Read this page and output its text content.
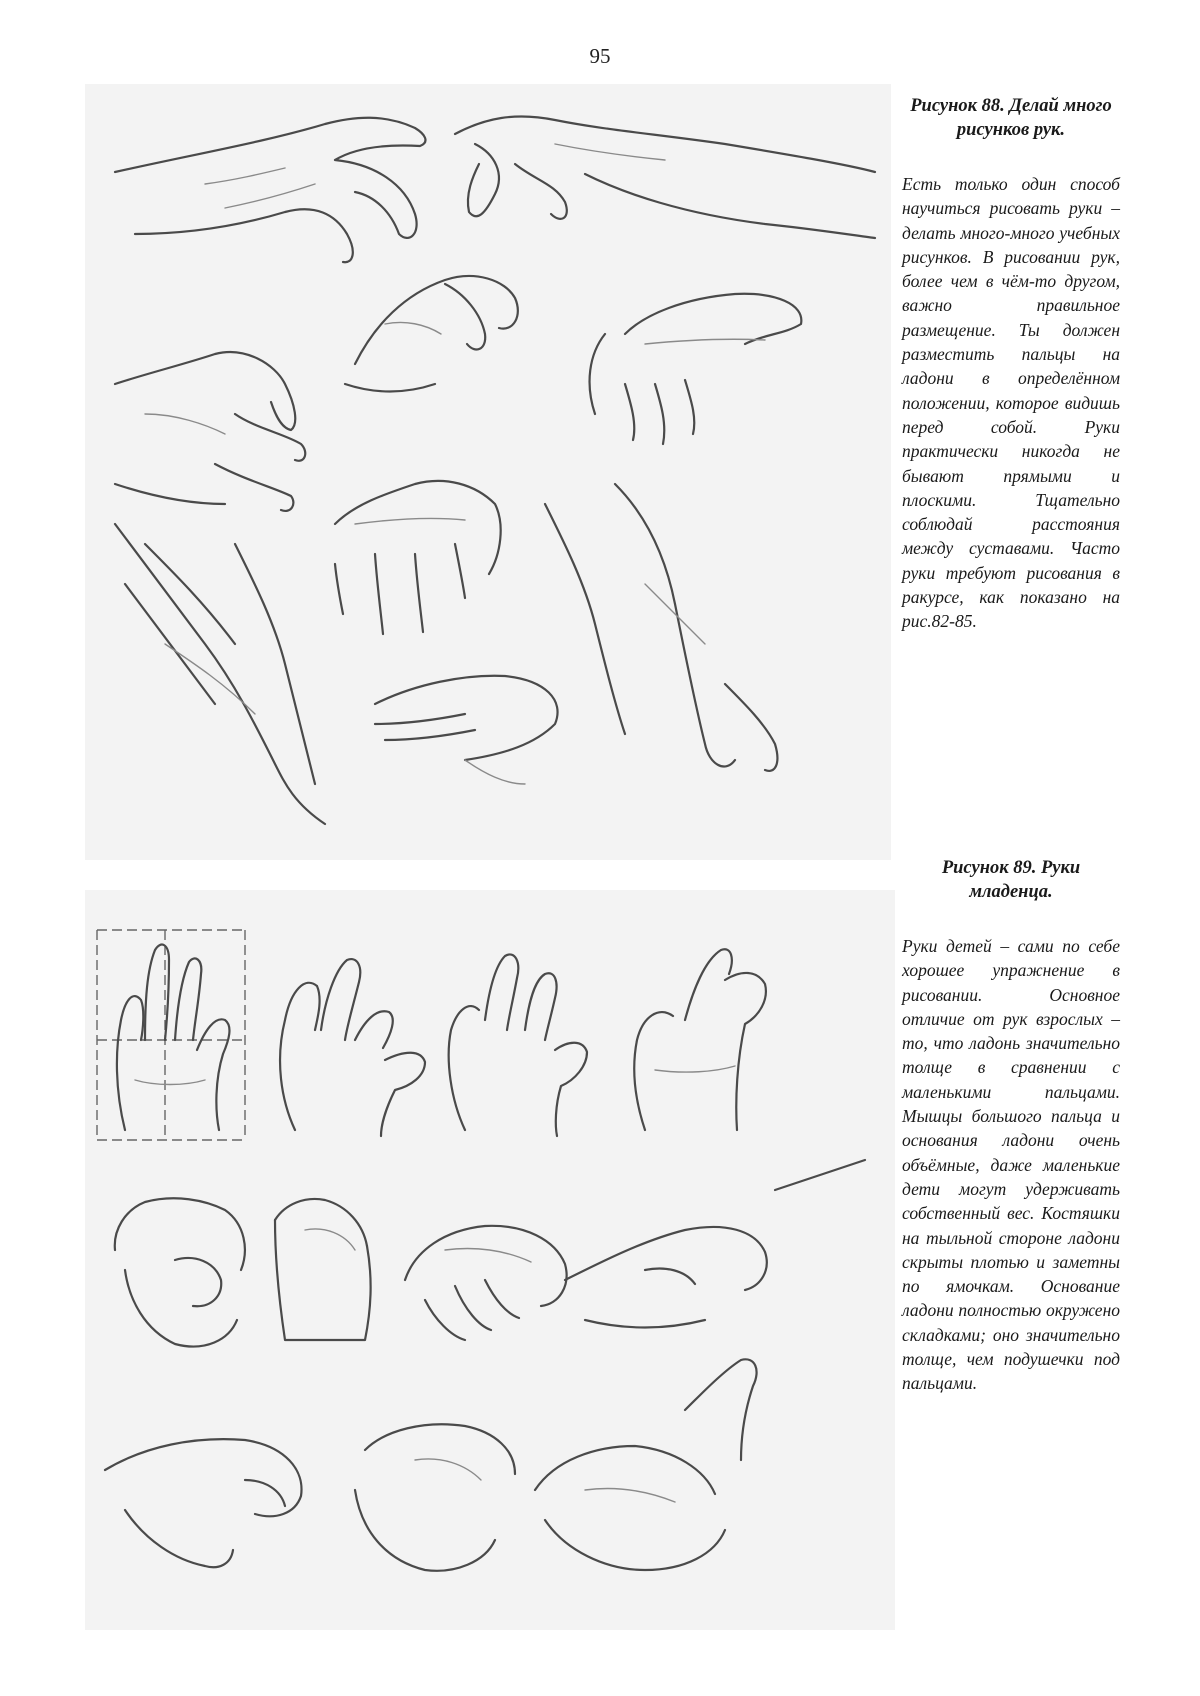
95

Рисунок 88. Делай много рисунков рук.

Есть только один способ научиться рисовать руки – делать много-много учебных рисунков. В рисовании рук, более чем в чём-то другом, важно правильное размещение. Ты должен разместить пальцы на ладони в определённом положении, которое видишь перед собой. Руки практически никогда не бывают прямыми и плоскими. Тщательно соблюдай расстояния между суставами. Часто руки требуют рисования в ракурсе, как показано на рис.82-85.

Рисунок 89. Руки младенца.

Руки детей – сами по себе хорошее упражнение в рисовании. Основное отличие от рук взрослых – то, что ладонь значительно толще в сравнении с маленькими пальцами. Мышцы большого пальца и основания ладони очень объёмные, даже маленькие дети могут удерживать собственный вес. Костяшки на тыльной стороне ладони скрыты плотью и заметны по ямочкам. Основание ладони полностью окружено складками; оно значительно толще, чем подушечки под пальцами.
